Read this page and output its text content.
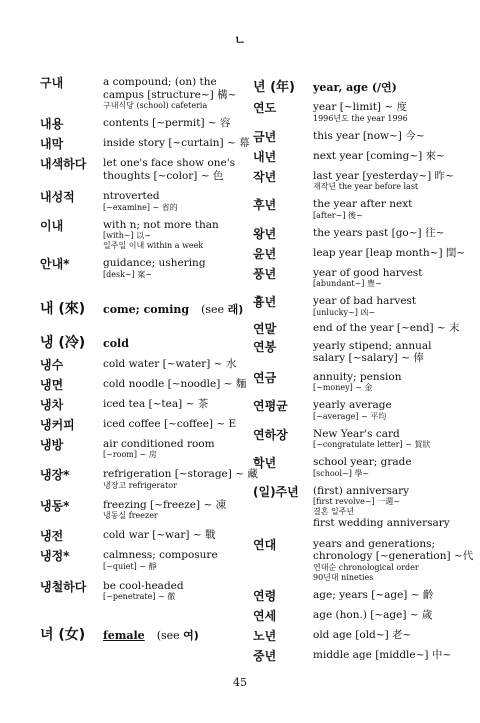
ㄴ
구내	a compound; (on) the
campus [structure~] 構~
구내식당 (school) cafeteria
내용	contents [~permit] ~ 容
내막	inside story [~curtain] ~ 幕
내색하다	let one's face show one's
thoughts [~color] ~ 色
내성적	ntroverted
[~examine] ~ 省的
이내	with n; not more than
[with~] 以~
일주일 이내 within a week
안내*	guidance; ushering
[desk~] 案~
내 (來)	come; coming (see 래)
냉 (冷)	cold
냉수	cold water [~water] ~ 水
냉면	cold noodle [~noodle] ~ 麵
냉차	iced tea [~tea] ~ 茶
냉커피	iced coffee [~coffee] ~ E
냉방	air conditioned room
[~room] ~ 房
냉장*	refrigeration [~storage] ~ 藏
냉장고 refrigerator
냉동*	freezing [~freeze] ~ 凍
냉동실 freezer
냉전	cold war [~war] ~ 戰
냉정*	calmness; composure
[~quiet] ~ 靜
냉철하다	be cool-headed
[~penetrate] ~ 徹
녀 (女)	female (see 여)
년 (年)	year, age (/연)
연도	year [~limit] ~ 度
1996년도 the year 1996
금년	this year [now~] 今~
내년	next year [coming~] 來~
작년	last year [yesterday~] 昨~
재작년 the year before last
후년	the year after next
[after~] 後~
왕년	the years past [go~] 往~
윤년	leap year [leap month~] 閏~
풍년	year of good harvest
[abundant~] 豊~
흉년	year of bad harvest
[unlucky~] 凶~
연말	end of the year [~end] ~ 末
연봉	yearly stipend; annual
salary [~salary] ~ 俸
연금	annuity; pension
[~money] ~ 金
연평균	yearly average
[~average] ~ 平均
연하장	New Year's card
[~congratulate letter] ~ 賀狀
학년	school year; grade
[school~] 學~
(일)주년	(first) anniversary
[first revolve~] 一週~
결혼 일주년
first wedding anniversary
연대	years and generations;
chronology [~generation] ~代
연대순 chronological order
90년대 nineties
연령	age; years [~age] ~ 齡
연세	age (hon.) [~age] ~ 歲
노년	old age [old~] 老~
중년	middle age [middle~] 中~
45
